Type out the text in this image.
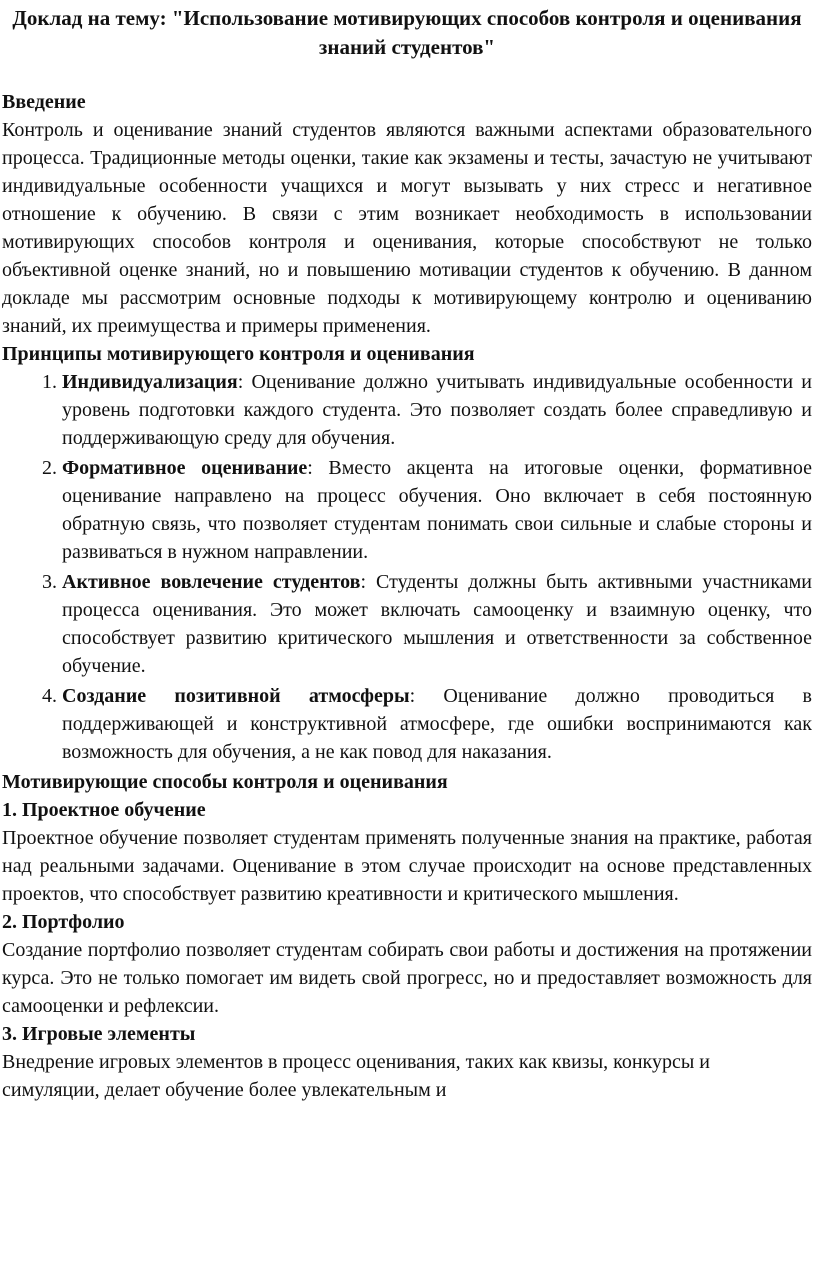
Доклад на тему: "Использование мотивирующих способов контроля и оценивания знаний студентов"
Введение
Контроль и оценивание знаний студентов являются важными аспектами образовательного процесса. Традиционные методы оценки, такие как экзамены и тесты, зачастую не учитывают индивидуальные особенности учащихся и могут вызывать у них стресс и негативное отношение к обучению. В связи с этим возникает необходимость в использовании мотивирующих способов контроля и оценивания, которые способствуют не только объективной оценке знаний, но и повышению мотивации студентов к обучению. В данном докладе мы рассмотрим основные подходы к мотивирующему контролю и оцениванию знаний, их преимущества и примеры применения.
Принципы мотивирующего контроля и оценивания
1. Индивидуализация: Оценивание должно учитывать индивидуальные особенности и уровень подготовки каждого студента. Это позволяет создать более справедливую и поддерживающую среду для обучения.
2. Формативное оценивание: Вместо акцента на итоговые оценки, формативное оценивание направлено на процесс обучения. Оно включает в себя постоянную обратную связь, что позволяет студентам понимать свои сильные и слабые стороны и развиваться в нужном направлении.
3. Активное вовлечение студентов: Студенты должны быть активными участниками процесса оценивания. Это может включать самооценку и взаимную оценку, что способствует развитию критического мышления и ответственности за собственное обучение.
4. Создание позитивной атмосферы: Оценивание должно проводиться в поддерживающей и конструктивной атмосфере, где ошибки воспринимаются как возможность для обучения, а не как повод для наказания.
Мотивирующие способы контроля и оценивания
1. Проектное обучение
Проектное обучение позволяет студентам применять полученные знания на практике, работая над реальными задачами. Оценивание в этом случае происходит на основе представленных проектов, что способствует развитию креативности и критического мышления.
2. Портфолио
Создание портфолио позволяет студентам собирать свои работы и достижения на протяжении курса. Это не только помогает им видеть свой прогресс, но и предоставляет возможность для самооценки и рефлексии.
3. Игровые элементы
Внедрение игровых элементов в процесс оценивания, таких как квизы, конкурсы и симуляции, делает обучение более увлекательным и
